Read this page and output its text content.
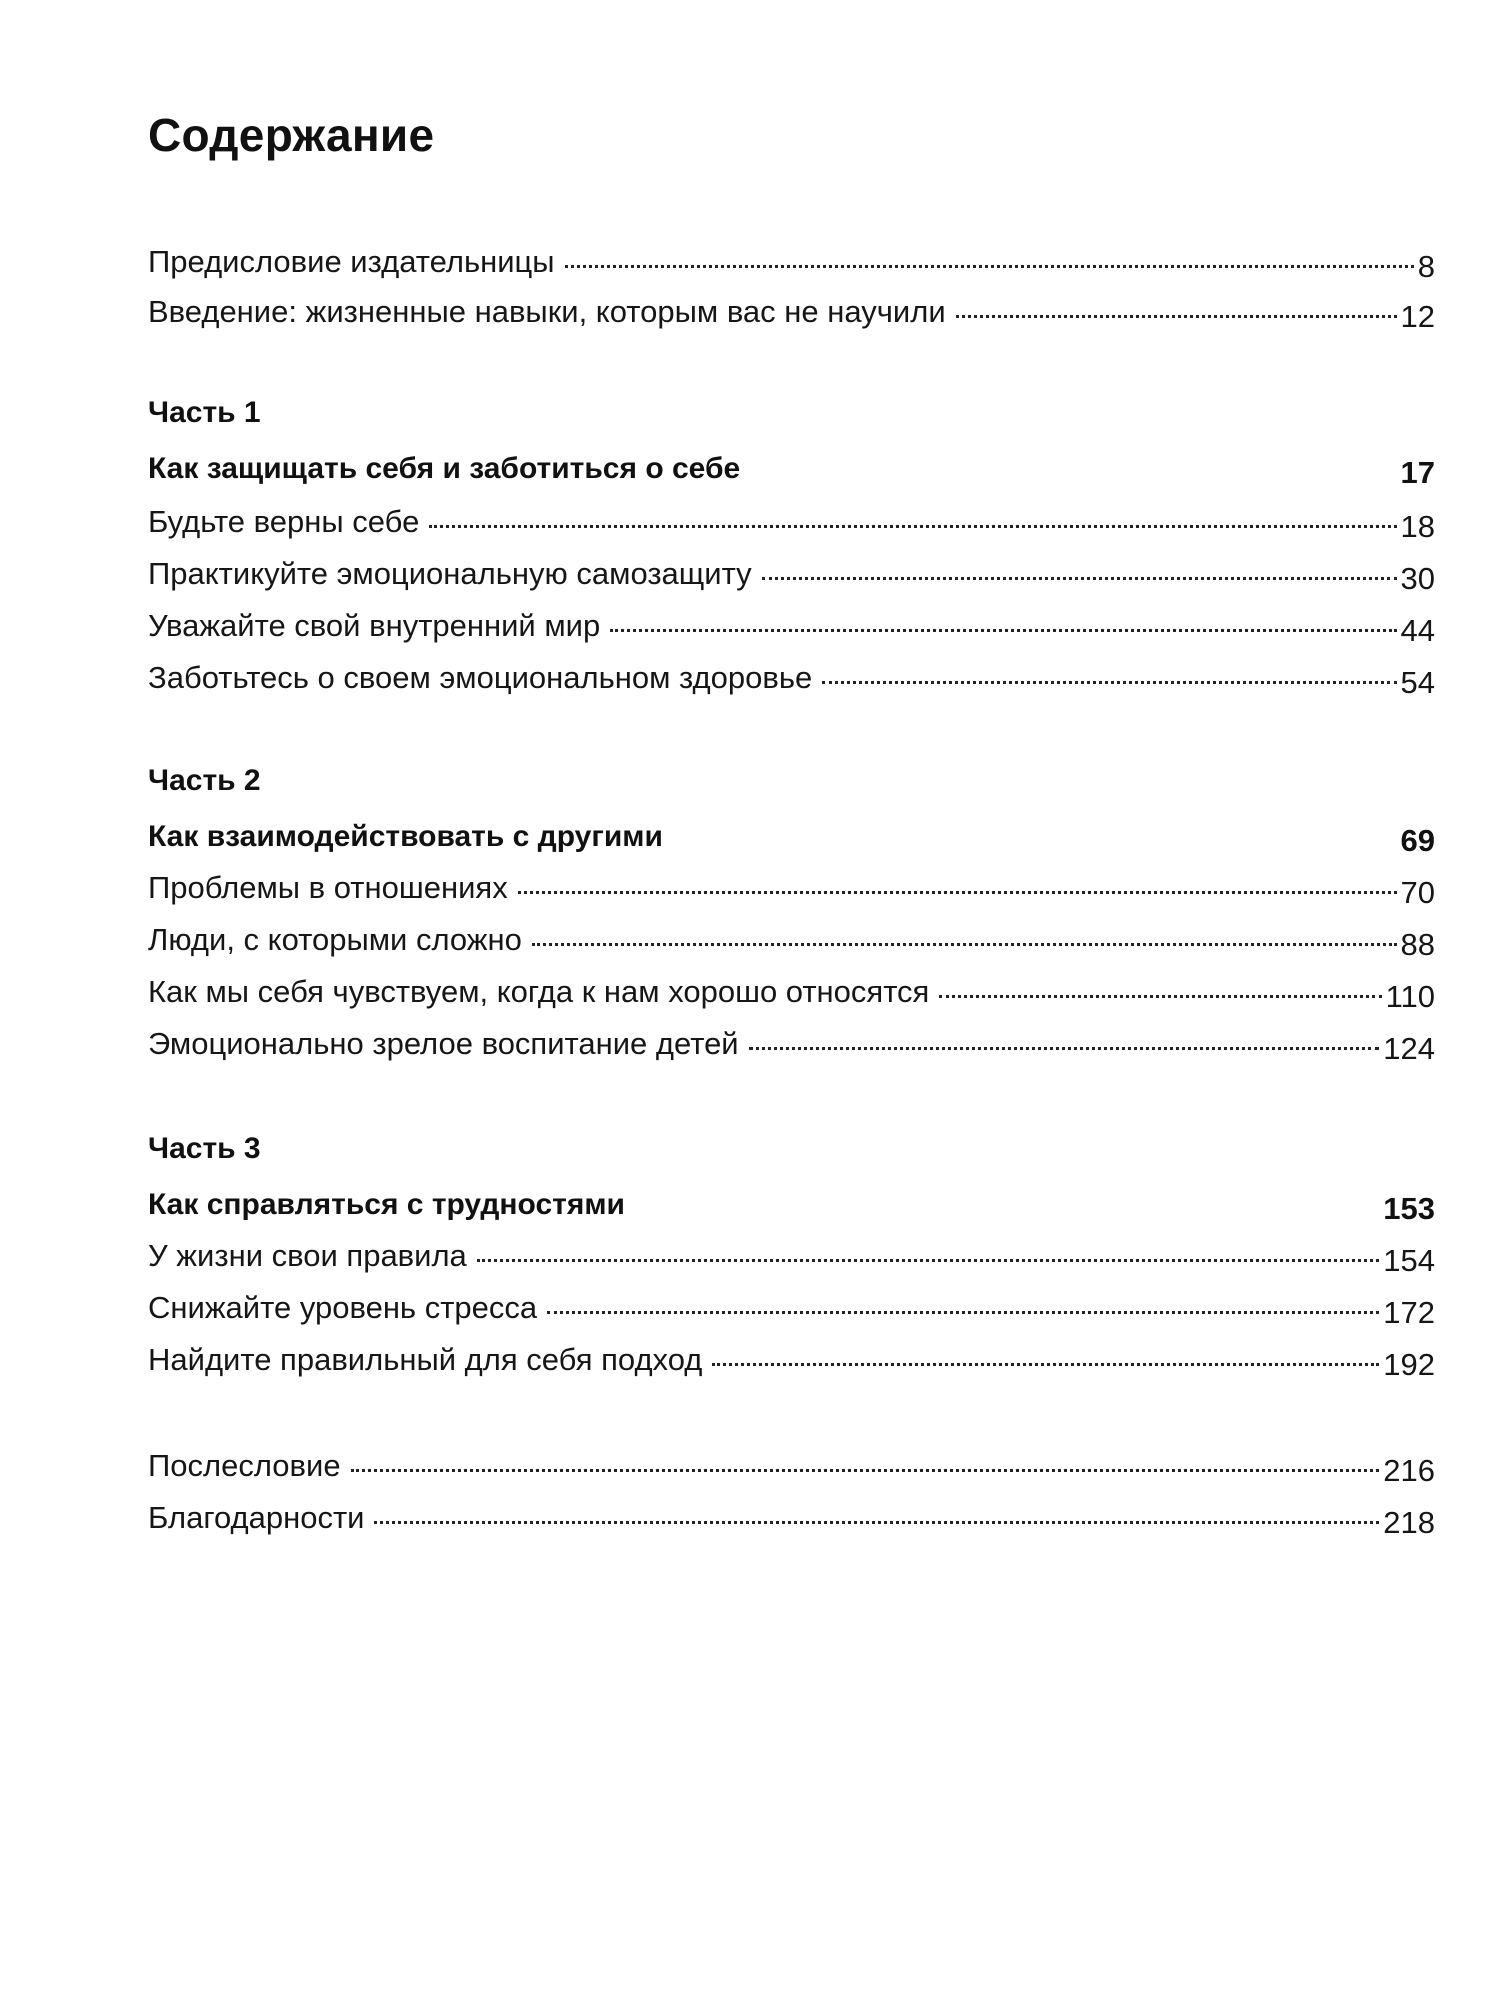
Содержание
Предисловие издательницы	8
Введение: жизненные навыки, которым вас не научили	12
Часть 1
Как защищать себя и заботиться о себе	17
Будьте верны себе	18
Практикуйте эмоциональную самозащиту	30
Уважайте свой внутренний мир	44
Заботьтесь о своем эмоциональном здоровье	54
Часть 2
Как взаимодействовать с другими	69
Проблемы в отношениях	70
Люди, с которыми сложно	88
Как мы себя чувствуем, когда к нам хорошо относятся	110
Эмоционально зрелое воспитание детей	124
Часть 3
Как справляться с трудностями	153
У жизни свои правила	154
Снижайте уровень стресса	172
Найдите правильный для себя подход	192
Послесловие	216
Благодарности	218
